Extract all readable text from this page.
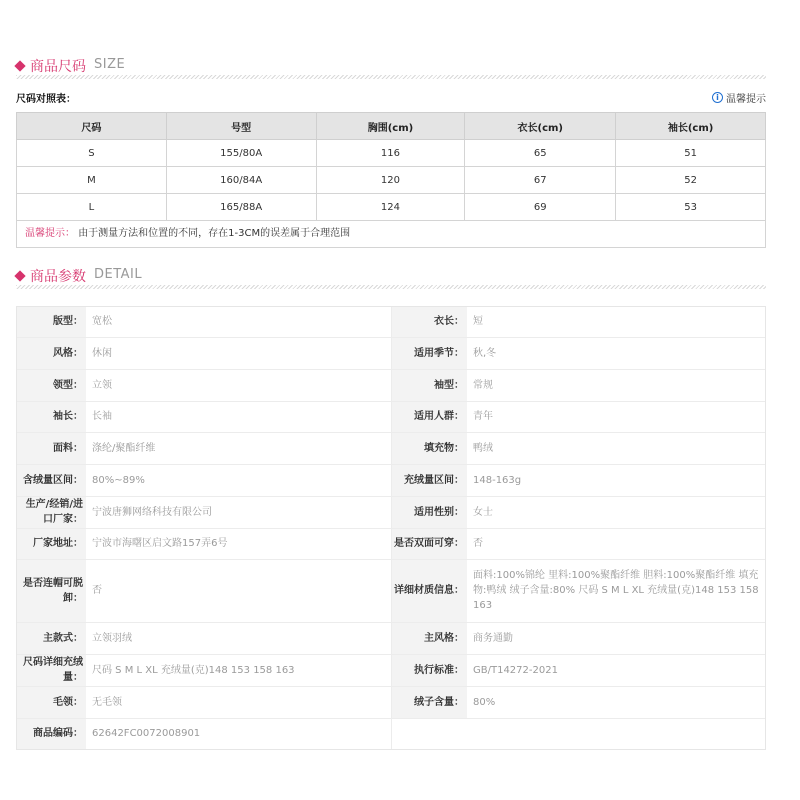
商品尺码 SIZE
尺码对照表：	i 温馨提示
尺码	号型	胸围(cm)	衣长(cm)	袖长(cm)
S	155/80A	116	65	51
M	160/84A	120	67	52
L	165/88A	124	69	53
温馨提示： 由于测量方法和位置的不同，存在1-3CM的误差属于合理范围
商品参数 DETAIL
版型：	宽松	衣长：	短
风格：	休闲	适用季节：	秋,冬
领型：	立领	袖型：	常规
袖长：	长袖	适用人群：	青年
面料：	涤纶/聚酯纤维	填充物：	鸭绒
含绒量区间：	80%~89%	充绒量区间：	148-163g
生产/经销/进口厂家：	宁波唐狮网络科技有限公司	适用性别：	女士
厂家地址：	宁波市海曙区启文路157弄6号	是否双面可穿：	否
是否连帽可脱卸：	否	详细材质信息：	面料:100%锦纶 里料:100%聚酯纤维 胆料:100%聚酯纤维 填充物:鸭绒 绒子含量:80% 尺码 S M L XL 充绒量(克)148 153 158 163
主款式：	立领羽绒	主风格：	商务通勤
尺码详细充绒量：	尺码 S M L XL 充绒量(克)148 153 158 163	执行标准：	GB/T14272-2021
毛领：	无毛领	绒子含量：	80%
商品编码：	62642FC0072008901		
